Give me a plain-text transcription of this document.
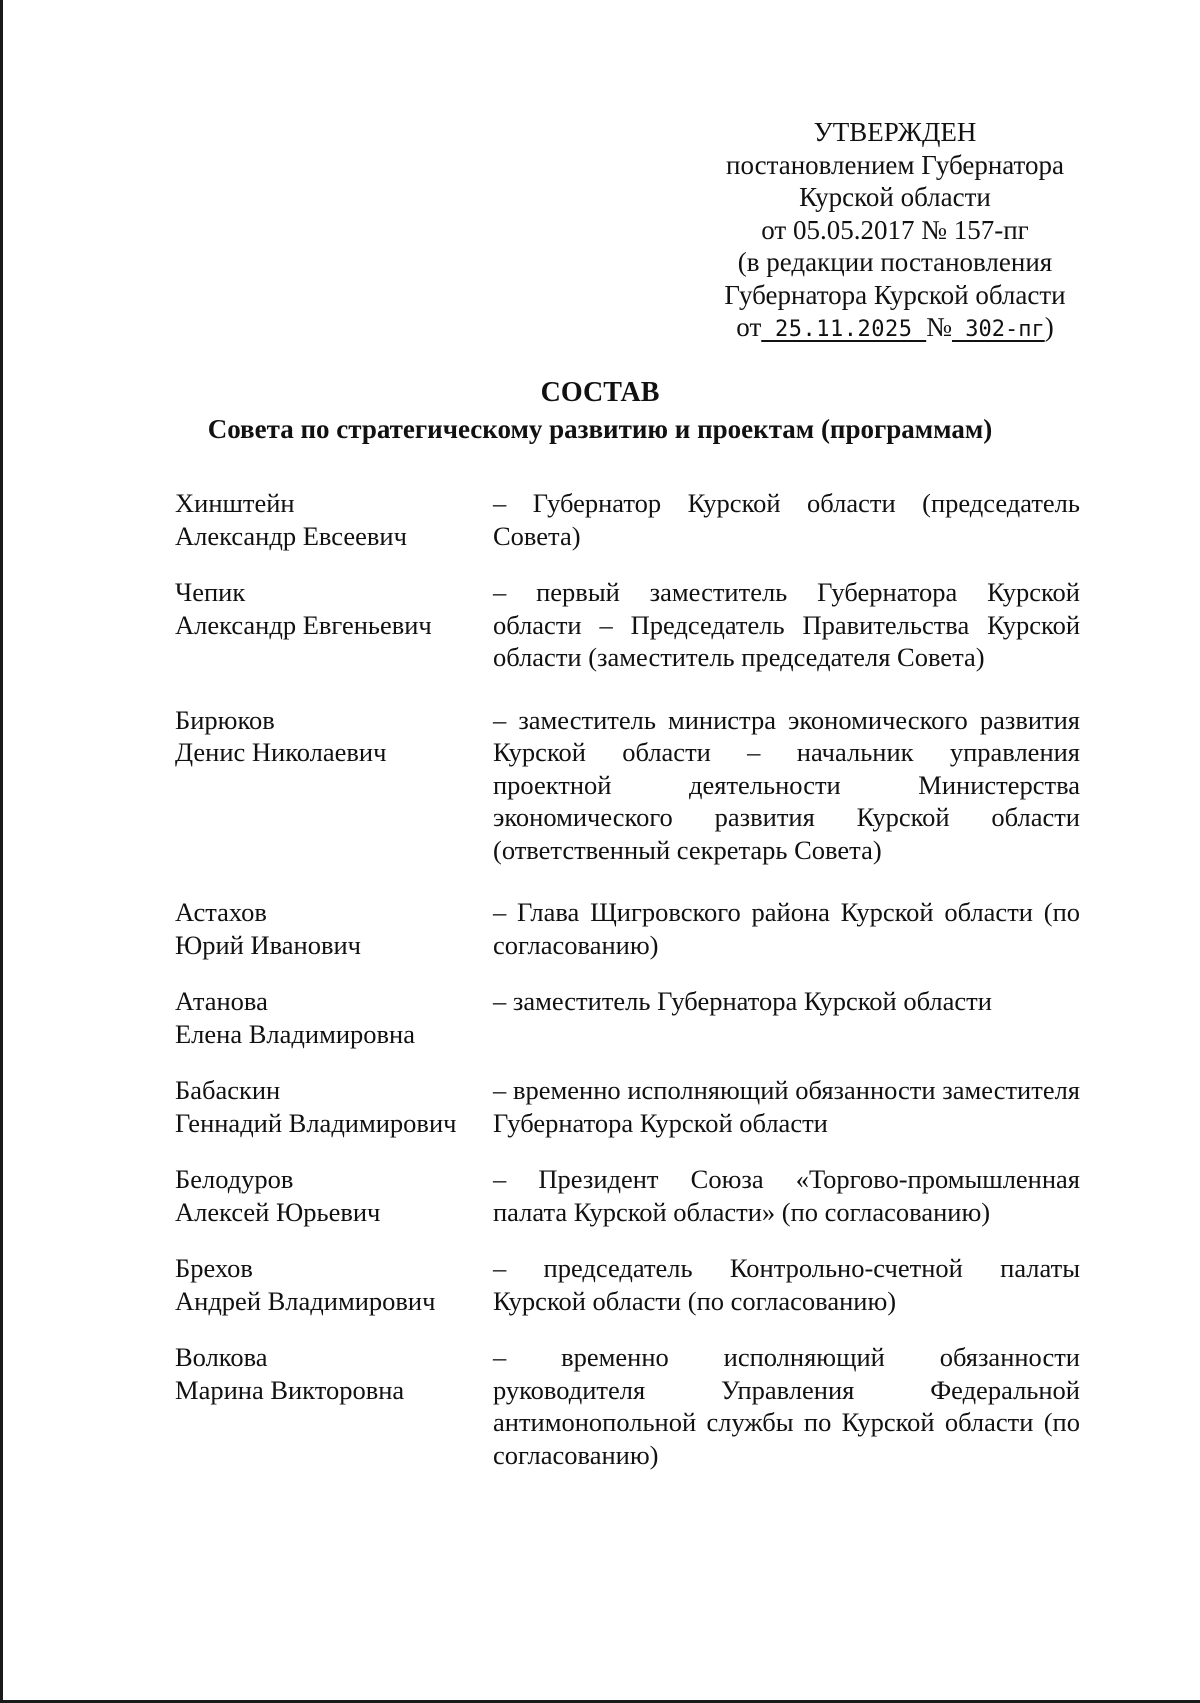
УТВЕРЖДЕН
постановлением Губернатора
Курской области
от 05.05.2017 № 157-пг
(в редакции постановления
Губернатора Курской области
от 25.11.2025 № 302-пг)
СОСТАВ
Совета по стратегическому развитию и проектам (программам)
Хинштейн
Александр Евсеевич
– Губернатор Курской области (председатель Совета)
Чепик
Александр Евгеньевич
– первый заместитель Губернатора Курской области – Председатель Правительства Курской области (заместитель председателя Совета)
Бирюков
Денис Николаевич
– заместитель министра экономического развития Курской области – начальник управления проектной деятельности Министерства экономического развития Курской области (ответственный секретарь Совета)
Астахов
Юрий Иванович
– Глава Щигровского района Курской области (по согласованию)
Атанова
Елена Владимировна
– заместитель Губернатора Курской области
Бабаскин
Геннадий Владимирович
– временно исполняющий обязанности заместителя Губернатора Курской области
Белодуров
Алексей Юрьевич
– Президент Союза «Торгово-промышленная палата Курской области» (по согласованию)
Брехов
Андрей Владимирович
– председатель Контрольно-счетной палаты Курской области (по согласованию)
Волкова
Марина Викторовна
– временно исполняющий обязанности руководителя Управления Федеральной антимонопольной службы по Курской области (по согласованию)
